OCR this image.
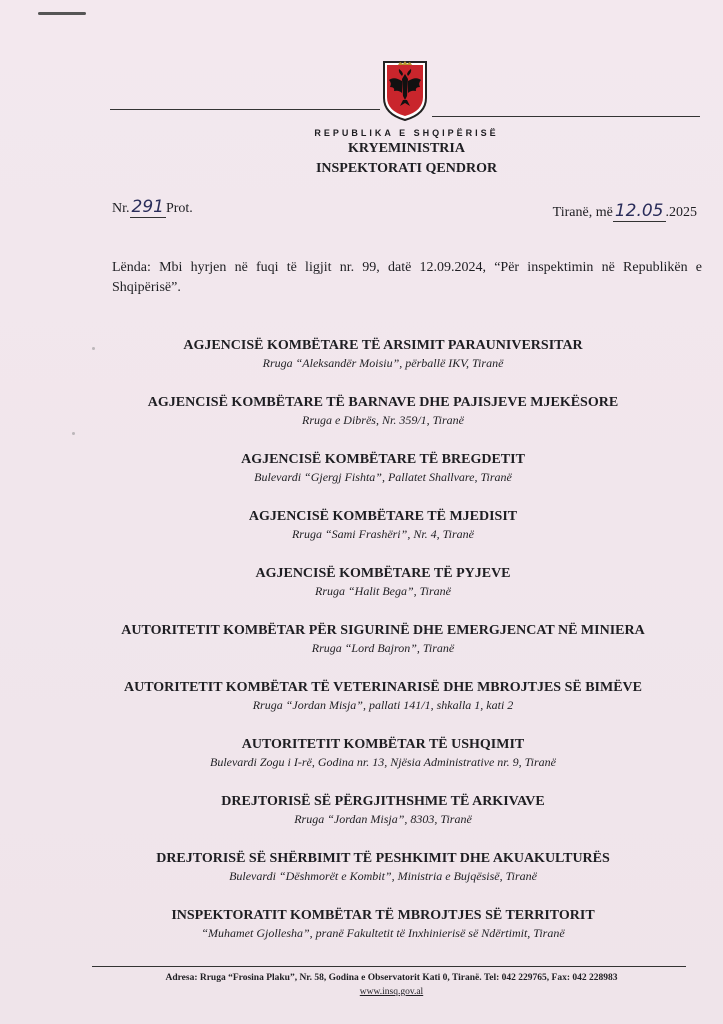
REPUBLIKA E SHQIPËRISË
KRYEMINISTRIA
INSPEKTORATI QENDROR
Nr. 291 Prot.	Tiranë, më 12.05 .2025
Lënda: Mbi hyrjen në fuqi të ligjit nr. 99, datë 12.09.2024, “Për inspektimin në Republikën e Shqipërisë”.
AGJENCISË KOMBËTARE TË ARSIMIT PARAUNIVERSITAR
Rruga “Aleksandër Moisiu”, përballë IKV, Tiranë
AGJENCISË KOMBËTARE TË BARNAVE DHE PAJISJEVE MJEKËSORE
Rruga e Dibrës, Nr. 359/1, Tiranë
AGJENCISË KOMBËTARE TË BREGDETIT
Bulevardi “Gjergj Fishta”, Pallatet Shallvare, Tiranë
AGJENCISË KOMBËTARE TË MJEDISIT
Rruga “Sami Frashëri”, Nr. 4, Tiranë
AGJENCISË KOMBËTARE TË PYJEVE
Rruga “Halit Bega”, Tiranë
AUTORITETIT KOMBËTAR PËR SIGURINË DHE EMERGJENCAT NË MINIERA
Rruga “Lord Bajron”, Tiranë
AUTORITETIT KOMBËTAR TË VETERINARISË DHE MBROJTJES SË BIMËVE
Rruga “Jordan Misja”, pallati 141/1, shkalla 1, kati 2
AUTORITETIT KOMBËTAR TË USHQIMIT
Bulevardi Zogu i I-rë, Godina nr. 13, Njësia Administrative nr. 9, Tiranë
DREJTORISË SË PËRGJITHSHME TË ARKIVAVE
Rruga “Jordan Misja”, 8303, Tiranë
DREJTORISË SË SHËRBIMIT TË PESHKIMIT DHE AKUAKULTURËS
Bulevardi “Dëshmorët e Kombit”, Ministria e Bujqësisë, Tiranë
INSPEKTORATIT KOMBËTAR TË MBROJTJES SË TERRITORIT
“Muhamet Gjollesha”, pranë Fakultetit të Inxhinierisë së Ndërtimit, Tiranë
Adresa: Rruga “Frosina Plaku”, Nr. 58, Godina e Observatorit Kati 0, Tiranë. Tel: 042 229765, Fax: 042 228983
www.insq.gov.al
